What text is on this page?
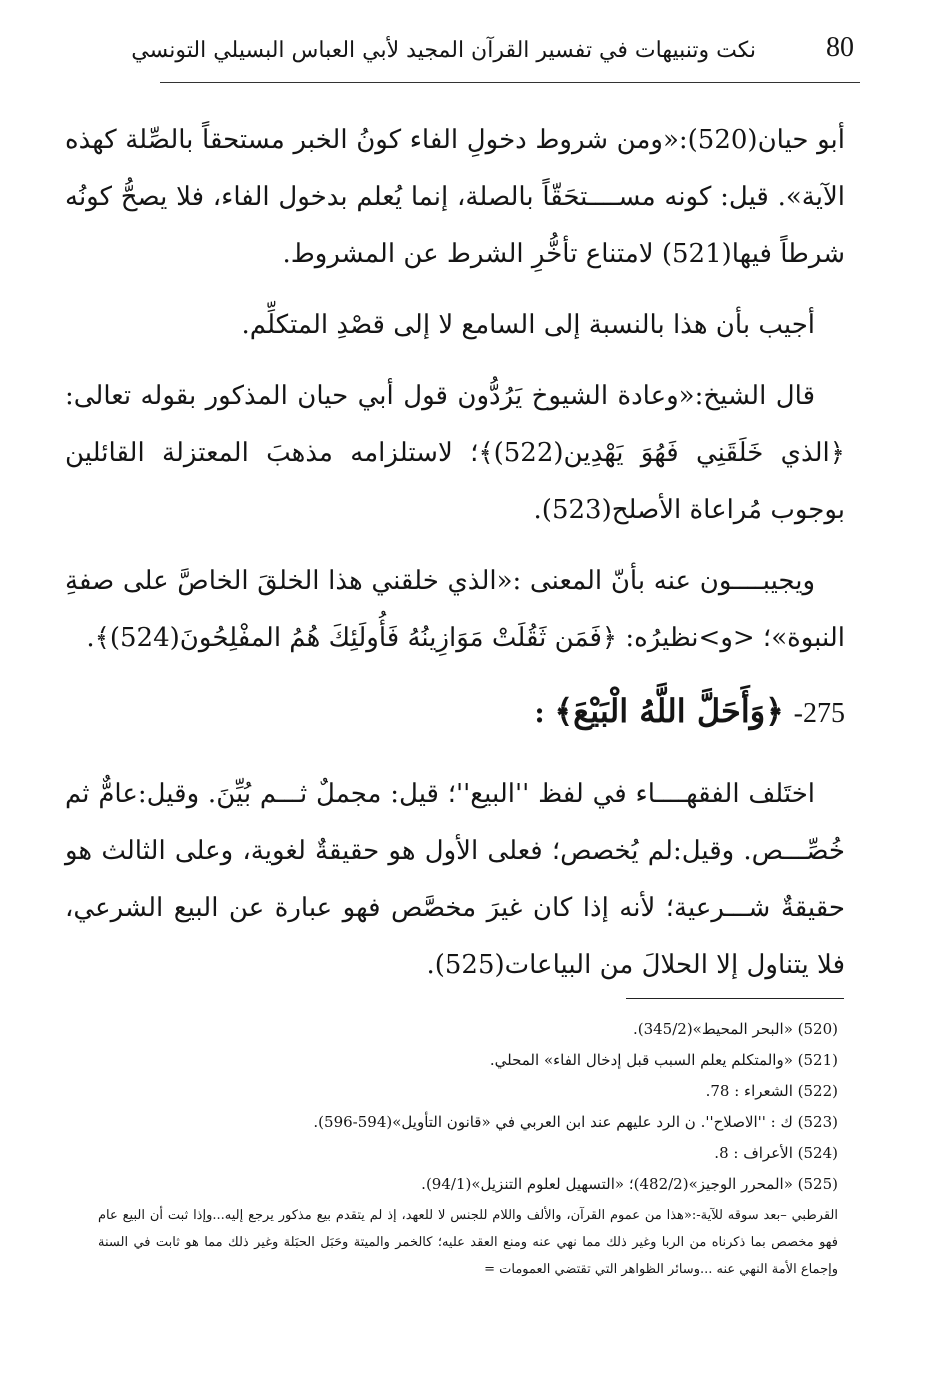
80
نكت وتنبيهات في تفسير القرآن المجيد لأبي العباس البسيلي التونسي

أبو حيان(520):«ومن شروط دخولِ الفاء كونُ الخبر مستحقاً بالصِّلة كهذه الآية». قيل: كونه مســــتحَقّاً بالصلة، إنما يُعلم بدخول الفاء، فلا يصحُّ كونُه شرطاً فيها(521) لامتناع تأخُّرِ الشرط عن المشروط.

أجيب بأن هذا بالنسبة إلى السامع لا إلى قصْدِ المتكلِّم.

قال الشيخ:«وعادة الشيوخ يَرُدُّون قول أبي حيان المذكور بقوله تعالى: ﴿الذي خَلَقَنِي فَهُوَ يَهْدِين(522)﴾؛ لاستلزامه مذهبَ المعتزلة القائلين بوجوب مُراعاة الأصلح(523).

ويجيبــــون عنه بأنّ المعنى :«الذي خلقني هذا الخلقَ الخاصَّ على صفةِ النبوة»؛ <و>نظيرُه: ﴿فَمَن ثَقُلَتْ مَوَازِينُهُ فَأُولَئِكَ هُمُ المفْلِحُونَ(524)﴾.

275- ﴿وَأَحَلَّ اللَّهُ الْبَيْعَ﴾ :

اختَلف الفقهــــاء في لفظ ''البيع''؛ قيل: مجملٌ ثـــم بُيِّنَ. وقيل:عامٌّ ثم خُصِّـــص. وقيل:لم يُخصص؛ فعلى الأول هو حقيقةٌ لغوية، وعلى الثالث هو حقيقةٌ شـــرعية؛ لأنه إذا كان غيرَ مخصَّص فهو عبارة عن البيع الشرعي، فلا يتناول إلا الحلالَ من البياعات(525).

(520) «البحر المحيط»(345/2).
(521) «والمتكلم يعلم السبب قبل إدخال الفاء» المحلي.
(522) الشعراء : 78.
(523) ك : ''الاصلاح''. ن الرد عليهم عند ابن العربي في «قانون التأويل»(594-596).
(524) الأعراف : 8.
(525) «المحرر الوجيز»(482/2)؛ «التسهيل لعلوم التنزيل»(94/1).
القرطبي –بعد سوقه للآية-:«هذا من عموم القرآن، والألف واللام للجنس لا للعهد، إذ لم يتقدم بيع مذكور يرجع إليه...وإذا ثبت أن البيع عام فهو مخصص بما ذكرناه من الربا وغير ذلك مما نهي عنه ومنع العقد عليه؛ كالخمر والميتة وحَبَل الحبَلة وغير ذلك مما هو ثابت في السنة وإجماع الأمة النهي عنه ...وسائر الظواهر التي تقتضي العمومات =
